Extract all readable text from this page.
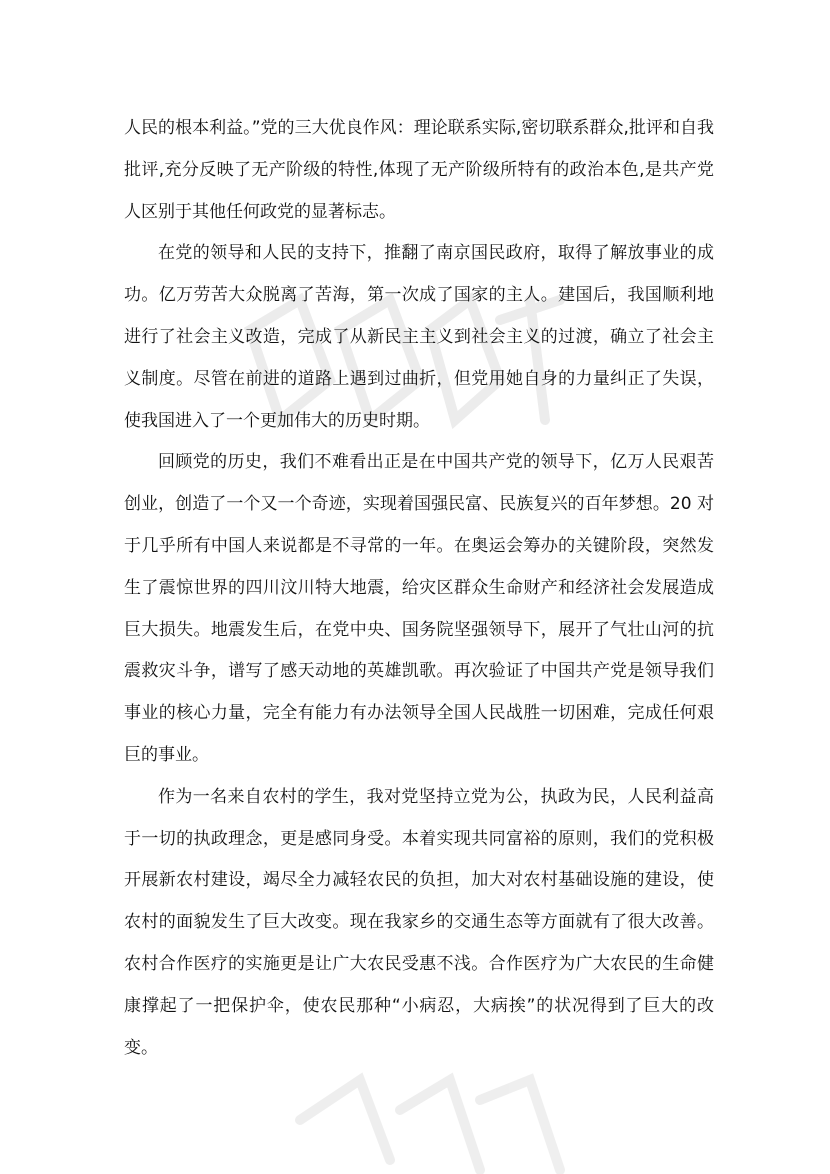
人民的根本利益。”党的三大优良作风：理论联系实际,密切联系群众,批评和自我批评,充分反映了无产阶级的特性,体现了无产阶级所特有的政治本色,是共产党人区别于其他任何政党的显著标志。

在党的领导和人民的支持下，推翻了南京国民政府，取得了解放事业的成功。亿万劳苦大众脱离了苦海，第一次成了国家的主人。建国后，我国顺利地进行了社会主义改造，完成了从新民主主义到社会主义的过渡，确立了社会主义制度。尽管在前进的道路上遇到过曲折，但党用她自身的力量纠正了失误，使我国进入了一个更加伟大的历史时期。

回顾党的历史，我们不难看出正是在中国共产党的领导下，亿万人民艰苦创业，创造了一个又一个奇迹，实现着国强民富、民族复兴的百年梦想。20 对于几乎所有中国人来说都是不寻常的一年。在奥运会筹办的关键阶段，突然发生了震惊世界的四川汶川特大地震，给灾区群众生命财产和经济社会发展造成巨大损失。地震发生后，在党中央、国务院坚强领导下，展开了气壮山河的抗震救灾斗争，谱写了感天动地的英雄凯歌。再次验证了中国共产党是领导我们事业的核心力量，完全有能力有办法领导全国人民战胜一切困难，完成任何艰巨的事业。

作为一名来自农村的学生，我对党坚持立党为公，执政为民，人民利益高于一切的执政理念，更是感同身受。本着实现共同富裕的原则，我们的党积极开展新农村建设，竭尽全力减轻农民的负担，加大对农村基础设施的建设，使农村的面貌发生了巨大改变。现在我家乡的交通生态等方面就有了很大改善。农村合作医疗的实施更是让广大农民受惠不浅。合作医疗为广大农民的生命健康撑起了一把保护伞，使农民那种“小病忍，大病挨”的状况得到了巨大的改变。
